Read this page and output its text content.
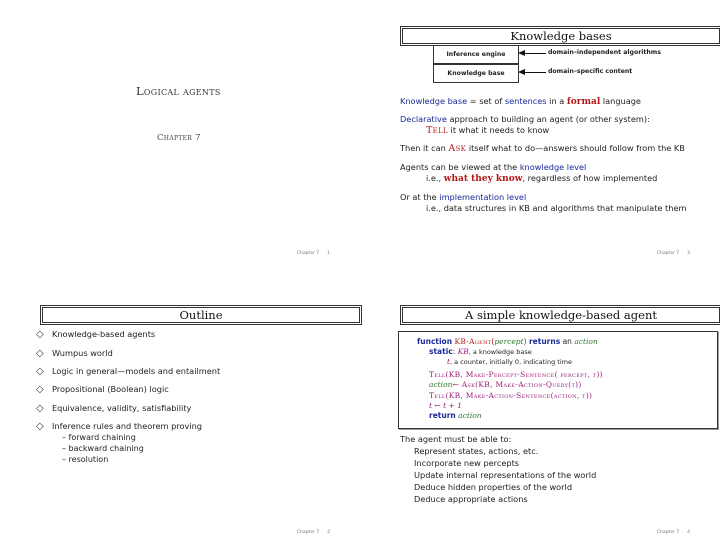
Logical agents
Chapter 7
Chapter 7 1
Knowledge bases
Inference engine
Knowledge base
domain–independent algorithms
domain–specific content
Knowledge base = set of sentences in a formal language
Declarative approach to building an agent (or other system):
Tell it what it needs to know
Then it can Ask itself what to do—answers should follow from the KB
Agents can be viewed at the knowledge level
i.e., what they know, regardless of how implemented
Or at the implementation level
i.e., data structures in KB and algorithms that manipulate them
Chapter 7 3
Outline
◇ Knowledge-based agents
◇ Wumpus world
◇ Logic in general—models and entailment
◇ Propositional (Boolean) logic
◇ Equivalence, validity, satisfiability
◇ Inference rules and theorem proving
– forward chaining
– backward chaining
– resolution
Chapter 7 2
A simple knowledge-based agent
function KB-Agent(percept) returns an action
static: KB, a knowledge base
t, a counter, initially 0, indicating time
Tell(KB, Make-Percept-Sentence( percept, t))
action← Ask(KB, Make-Action-Query(t))
Tell(KB, Make-Action-Sentence(action, t))
t ← t + 1
return action
The agent must be able to:
Represent states, actions, etc.
Incorporate new percepts
Update internal representations of the world
Deduce hidden properties of the world
Deduce appropriate actions
Chapter 7 4
